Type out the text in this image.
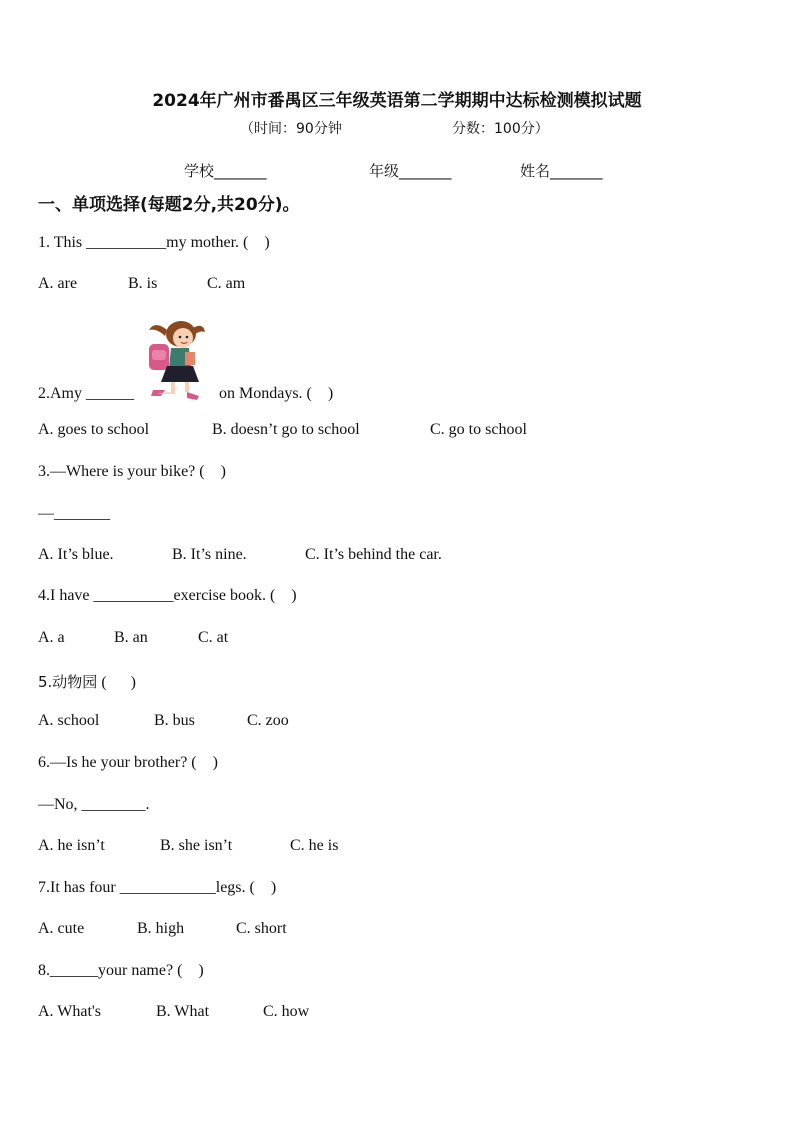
2024年广州市番禺区三年级英语第二学期期中达标检测模拟试题
（时间：90分钟	分数：100分）
学校_______	年级_______	姓名_______
一、单项选择(每题2分,共20分)。
1. This __________my mother. (    )
A. are	B. is	C. am
2.Amy ______	on Mondays. (    )
A. goes to school	B. doesn’t go to school	C. go to school
3.—Where is your bike? (    )
—_______
A. It’s blue.	B. It’s nine.	C. It’s behind the car.
4.I have __________exercise book. (    )
A. a	B. an	C. at
5.动物园 (      )
A. school	B. bus	C. zoo
6.—Is he your brother? (    )
—No, ________.
A. he isn’t	B. she isn’t	C. he is
7.It has four ____________legs. (    )
A. cute	B. high	C. short
8.______your name? (    )
A. What's	B. What	C. how
